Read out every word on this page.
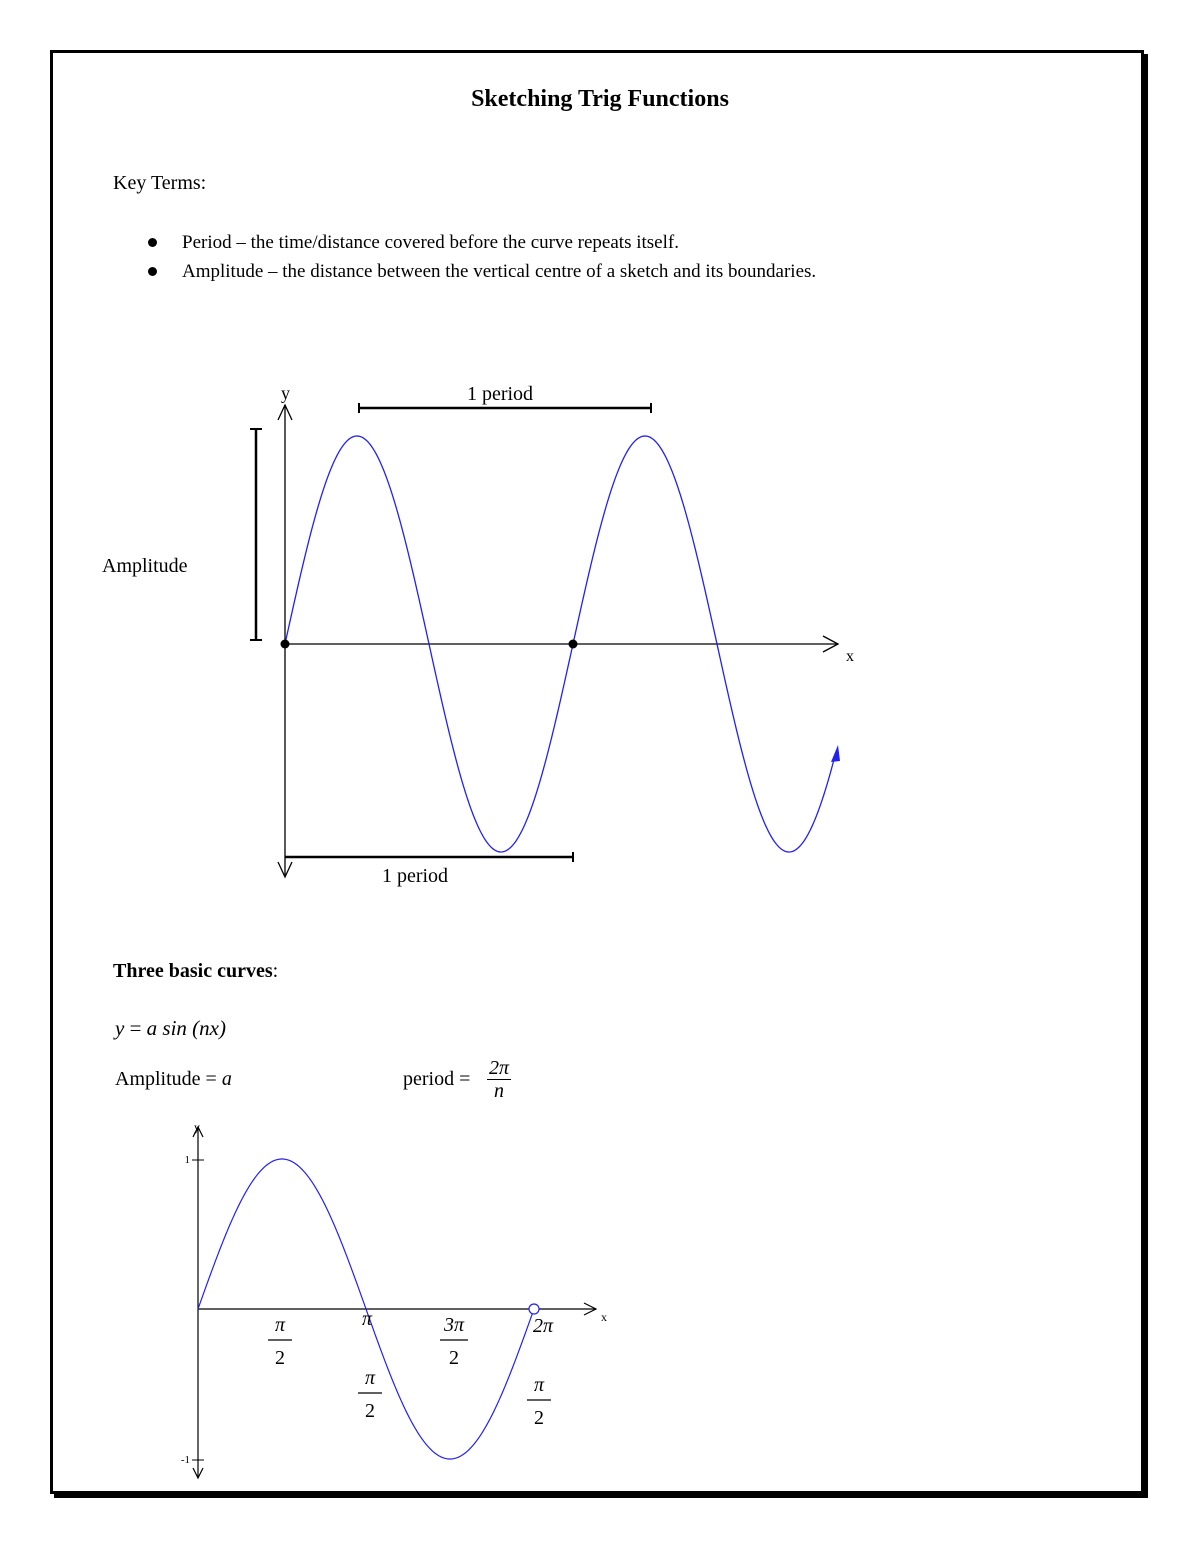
Sketching Trig Functions
Key Terms:
Period – the time/distance covered before the curve repeats itself.
Amplitude – the distance between the vertical centre of a sketch and its boundaries.
y
x
1 period
1 period
Amplitude
Three basic curves:
y = a sin (nx)
Amplitude = a	period = $\frac{2\pi}{n}$
y
1
-1
x
π
2
π	3π
2
2π
π
2
π
2
